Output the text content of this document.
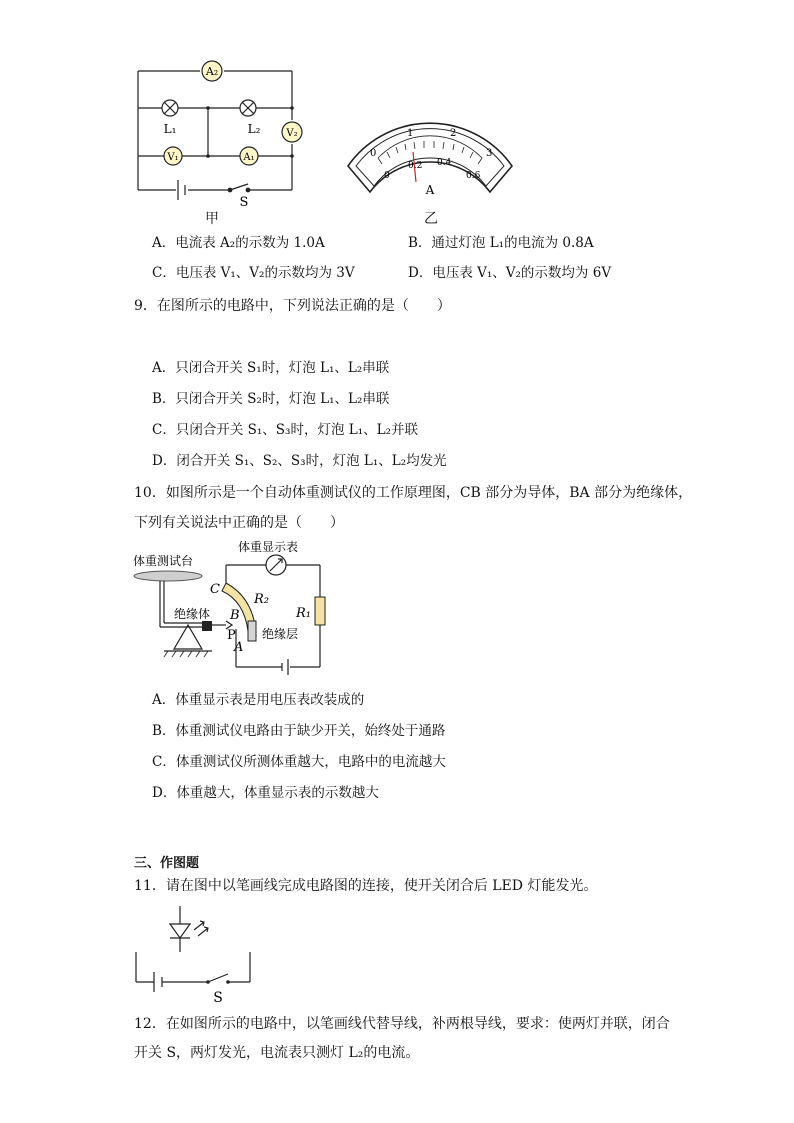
A₂
V₁	A₁
V₂
L₁	L₂
S
甲
0
1	2
3
0
0.2 0.4
0.6
A
乙
A．电流表 A₂的示数为 1.0A	B．通过灯泡 L₁的电流为 0.8A
C．电压表 V₁、V₂的示数均为 3V	D．电压表 V₁、V₂的示数均为 6V
9．在图所示的电路中，下列说法正确的是（　　）
A．只闭合开关 S₁时，灯泡 L₁、L₂串联
B．只闭合开关 S₂时，灯泡 L₁、L₂串联
C．只闭合开关 S₁、S₃时，灯泡 L₁、L₂并联
D．闭合开关 S₁、S₂、S₃时，灯泡 L₁、L₂均发光
10．如图所示是一个自动体重测试仪的工作原理图，CB 部分为导体，BA 部分为绝缘体，
下列有关说法中正确的是（　　）
体重测试台
绝缘体
体重显示表
C
R₂
R₁
B
P
A
绝缘层
A．体重显示表是用电压表改装成的
B．体重测试仪电路由于缺少开关，始终处于通路
C．体重测试仪所测体重越大，电路中的电流越大
D．体重越大，体重显示表的示数越大
三、作图题
11．请在图中以笔画线完成电路图的连接，使开关闭合后 LED 灯能发光。
S
12．在如图所示的电路中，以笔画线代替导线，补两根导线，要求：使两灯并联，闭合
开关 S，两灯发光，电流表只测灯 L₂的电流。
